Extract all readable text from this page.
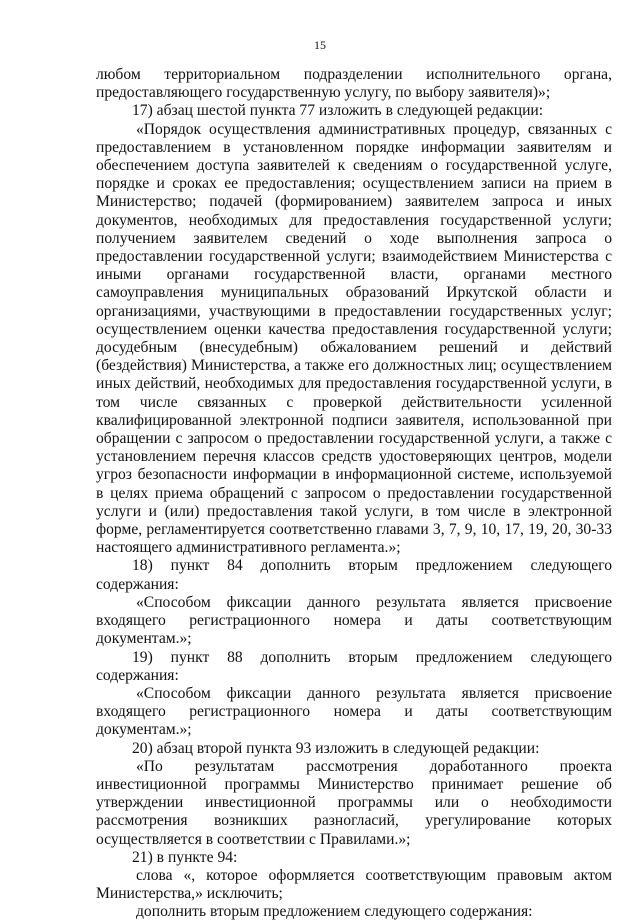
15

любом территориальном подразделении исполнительного органа, предоставляющего государственную услугу, по выбору заявителя)»;

17) абзац шестой пункта 77 изложить в следующей редакции:

«Порядок осуществления административных процедур, связанных с предоставлением в установленном порядке информации заявителям и обеспечением доступа заявителей к сведениям о государственной услуге, порядке и сроках ее предоставления; осуществлением записи на прием в Министерство; подачей (формированием) заявителем запроса и иных документов, необходимых для предоставления государственной услуги; получением заявителем сведений о ходе выполнения запроса о предоставлении государственной услуги; взаимодействием Министерства с иными органами государственной власти, органами местного самоуправления муниципальных образований Иркутской области и организациями, участвующими в предоставлении государственных услуг; осуществлением оценки качества предоставления государственной услуги; досудебным (внесудебным) обжалованием решений и действий (бездействия) Министерства, а также его должностных лиц; осуществлением иных действий, необходимых для предоставления государственной услуги, в том числе связанных с проверкой действительности усиленной квалифицированной электронной подписи заявителя, использованной при обращении с запросом о предоставлении государственной услуги, а также с установлением перечня классов средств удостоверяющих центров, модели угроз безопасности информации в информационной системе, используемой в целях приема обращений с запросом о предоставлении государственной услуги и (или) предоставления такой услуги, в том числе в электронной форме, регламентируется соответственно главами 3, 7, 9, 10, 17, 19, 20, 30-33 настоящего административного регламента.»;

18) пункт 84 дополнить вторым предложением следующего содержания:

«Способом фиксации данного результата является присвоение входящего регистрационного номера и даты соответствующим документам.»;

19) пункт 88 дополнить вторым предложением следующего содержания:

«Способом фиксации данного результата является присвоение входящего регистрационного номера и даты соответствующим документам.»;

20) абзац второй пункта 93 изложить в следующей редакции:

«По результатам рассмотрения доработанного проекта инвестиционной программы Министерство принимает решение об утверждении инвестиционной программы или о необходимости рассмотрения возникших разногласий, урегулирование которых осуществляется в соответствии с Правилами.»;

21) в пункте 94:

слова «, которое оформляется соответствующим правовым актом Министерства,» исключить;

дополнить вторым предложением следующего содержания:
